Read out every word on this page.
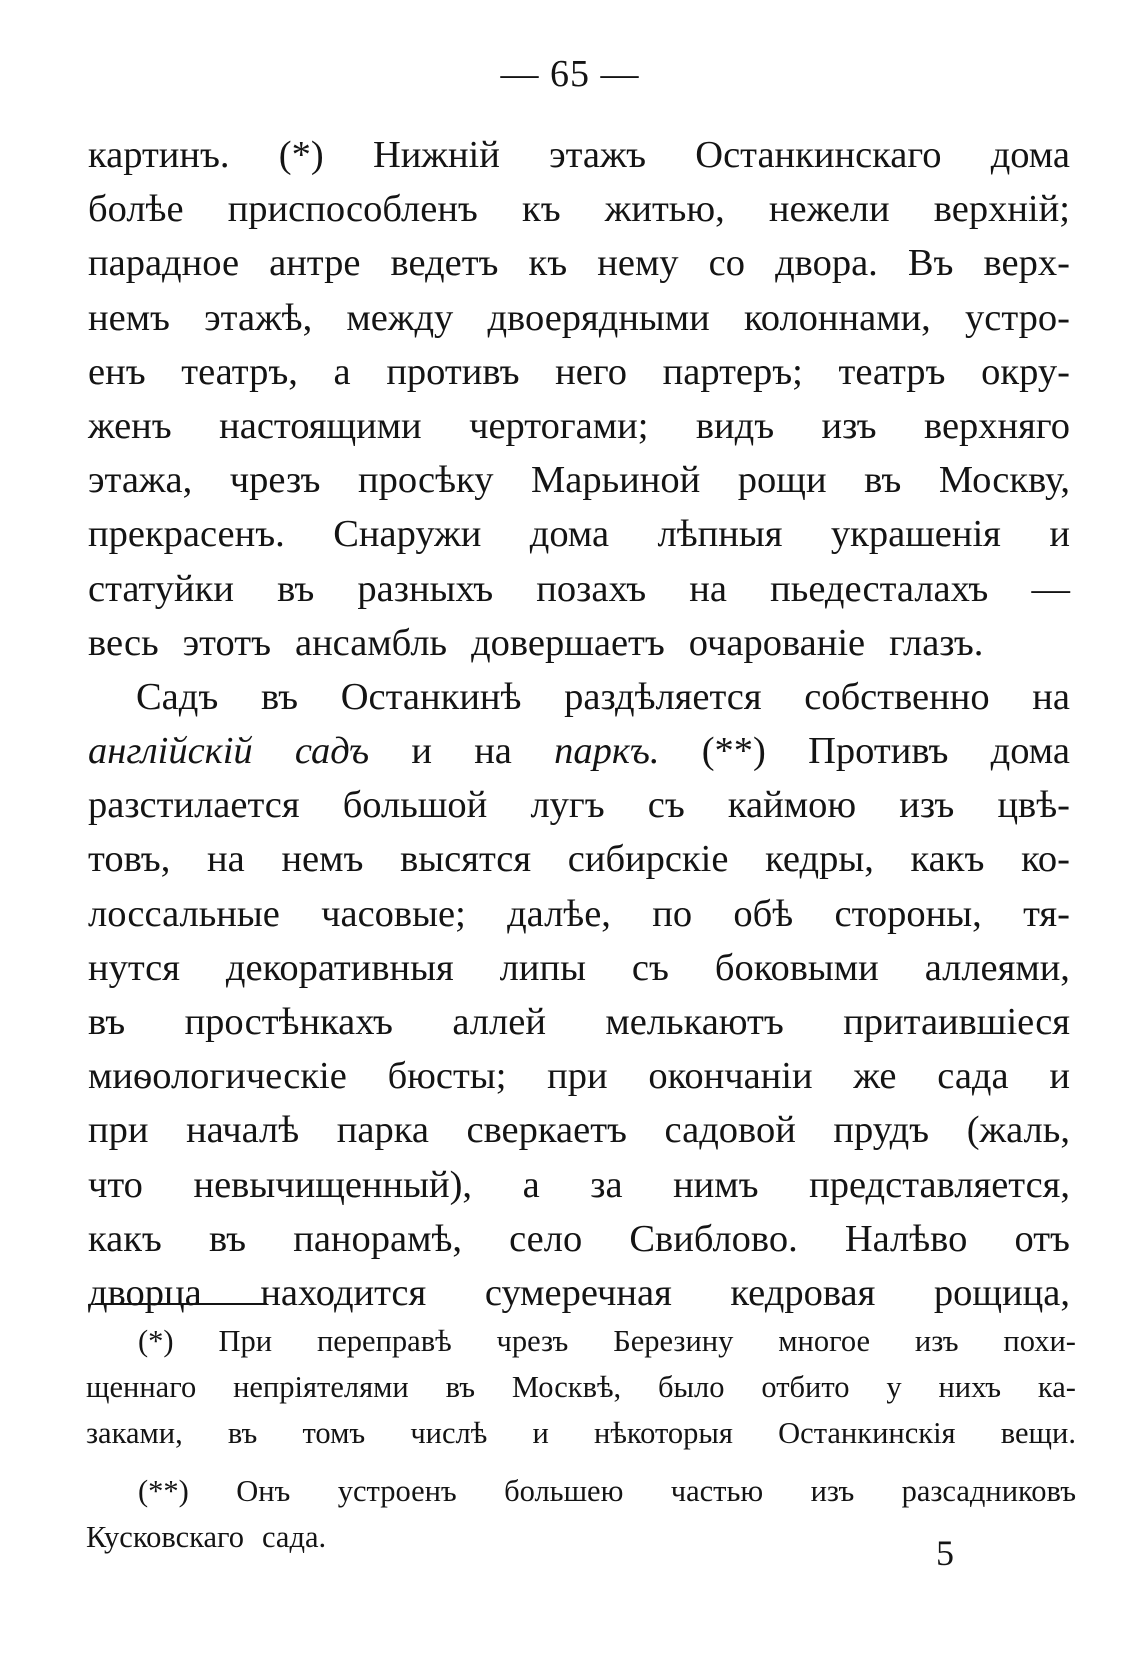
— 65 —
картинъ. (*) Нижній этажъ Останкинскаго дома
болѣе приспособленъ къ житью, нежели верхній;
парадное антре ведетъ къ нему со двора. Въ верх-
немъ этажѣ, между двоерядными колоннами, устро-
енъ театръ, а противъ него партеръ; театръ окру-
женъ настоящими чертогами; видъ изъ верхняго
этажа, чрезъ просѣку Марьиной рощи въ Москву,
прекрасенъ. Снаружи дома лѣпныя украшенія и
статуйки въ разныхъ позахъ на пьедесталахъ —
весь этотъ ансамбль довершаетъ очарованіе глазъ.
Садъ въ Останкинѣ раздѣляется собственно на
англійскій садъ и на паркъ. (**) Противъ дома
разстилается большой лугъ съ каймою изъ цвѣ-
товъ, на немъ высятся сибирскіе кедры, какъ ко-
лоссальные часовые; далѣе, по обѣ стороны, тя-
нутся декоративныя липы съ боковыми аллеями,
въ простѣнкахъ аллей мелькаютъ притаившіеся
миѳологическіе бюсты; при окончаніи же сада и
при началѣ парка сверкаетъ садовой прудъ (жаль,
что невычищенный), а за нимъ представляется,
какъ въ панорамѣ, село Свиблово. Налѣво отъ
дворца находится сумеречная кедровая рощица,
(*) При переправѣ чрезъ Березину многое изъ похи-
щеннаго непріятелями въ Москвѣ, было отбито у нихъ ка-
заками, въ томъ числѣ и нѣкоторыя Останкинскія вещи.
(**) Онъ устроенъ большею частью изъ разсадниковъ
Кусковскаго сада.	5
